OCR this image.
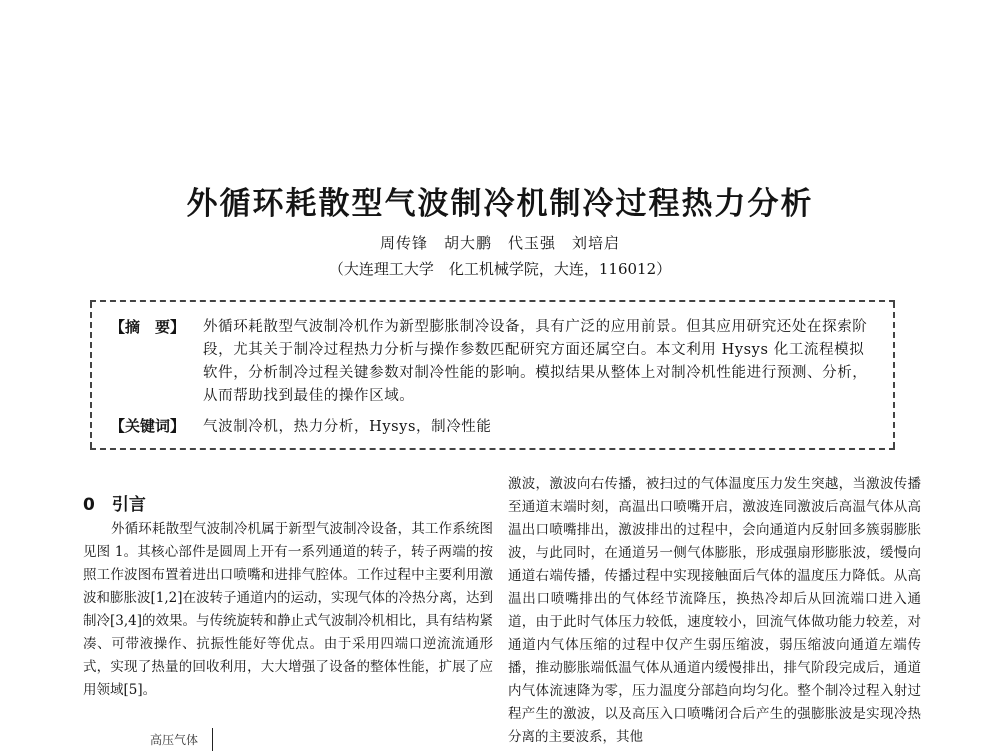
外循环耗散型气波制冷机制冷过程热力分析
周传锋　胡大鹏　代玉强　刘培启
（大连理工大学　化工机械学院，大连，116012）
【摘　要】 外循环耗散型气波制冷机作为新型膨胀制冷设备，具有广泛的应用前景。但其应用研究还处在探索阶段，尤其关于制冷过程热力分析与操作参数匹配研究方面还属空白。本文利用 Hysys 化工流程模拟软件，分析制冷过程关键参数对制冷性能的影响。模拟结果从整体上对制冷机性能进行预测、分析，从而帮助找到最佳的操作区域。

【关键词】 气波制冷机，热力分析，Hysys，制冷性能
0　引言

外循环耗散型气波制冷机属于新型气波制冷设备，其工作系统图见图 1。其核心部件是圆周上开有一系列通道的转子，转子两端的按照工作波图布置着进出口喷嘴和进排气腔体。工作过程中主要利用激波和膨胀波[1,2]在波转子通道内的运动，实现气体的冷热分离，达到制冷[3,4]的效果。与传统旋转和静止式气波制冷机相比，具有结构紧凑、可带液操作、抗振性能好等优点。由于采用四端口逆流流通形式，实现了热量的回收利用，大大增强了设备的整体性能，扩展了应用领域[5]。

激波，激波向右传播，被扫过的气体温度压力发生突越，当激波传播至通道末端时刻，高温出口喷嘴开启，激波连同激波后高温气体从高温出口喷嘴排出，激波排出的过程中，会向通道内反射回多簇弱膨胀波，与此同时，在通道另一侧气体膨胀，形成强扇形膨胀波，缓慢向通道右端传播，传播过程中实现接触面后气体的温度压力降低。从高温出口喷嘴排出的气体经节流降压，换热冷却后从回流端口进入通道，由于此时气体压力较低，速度较小，回流气体做功能力较差，对通道内气体压缩的过程中仅产生弱压缩波，弱压缩波向通道左端传播，推动膨胀端低温气体从通道内缓慢排出，排气阶段完成后，通道内气体流速降为零，压力温度分部趋向均匀化。整个制冷过程入射过程产生的激波，以及高压入口喷嘴闭合后产生的强膨胀波是实现冷热分离的主要波系，其他

高压气体
